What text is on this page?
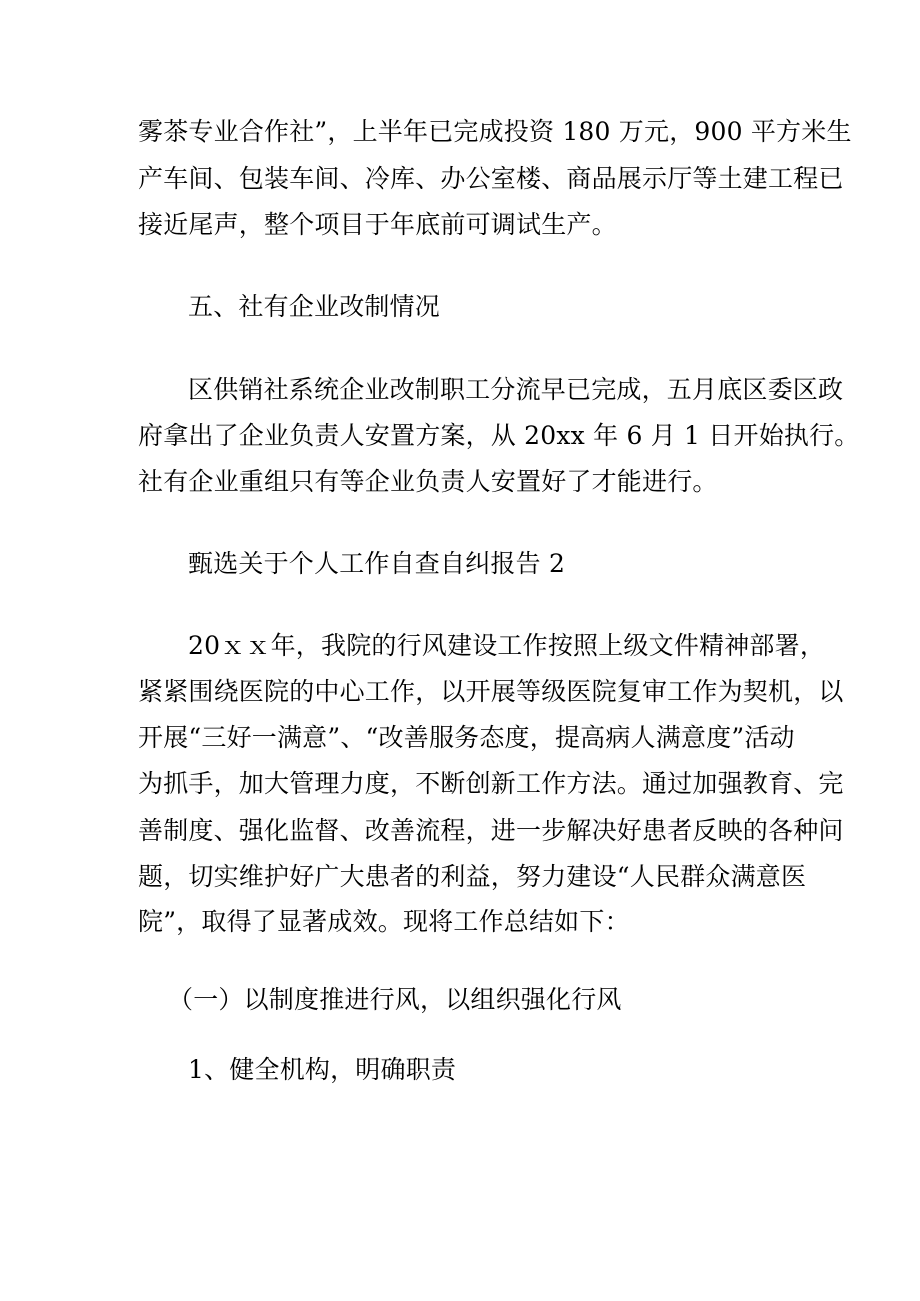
雾茶专业合作社”，上半年已完成投资 180 万元，900 平方米生
产车间、包装车间、冷库、办公室楼、商品展示厅等土建工程已
接近尾声，整个项目于年底前可调试生产。
五、社有企业改制情况
区供销社系统企业改制职工分流早已完成，五月底区委区政
府拿出了企业负责人安置方案，从 20xx 年 6 月 1 日开始执行。
社有企业重组只有等企业负责人安置好了才能进行。
甄选关于个人工作自查自纠报告 2
20ｘｘ年，我院的行风建设工作按照上级文件精神部署，
紧紧围绕医院的中心工作，以开展等级医院复审工作为契机，以
开展“三好一满意”、“改善服务态度，提高病人满意度”活动
为抓手，加大管理力度，不断创新工作方法。通过加强教育、完
善制度、强化监督、改善流程，进一步解决好患者反映的各种问
题，切实维护好广大患者的利益，努力建设“人民群众满意医
院”，取得了显著成效。现将工作总结如下：
（一）以制度推进行风，以组织强化行风
1、健全机构，明确职责
